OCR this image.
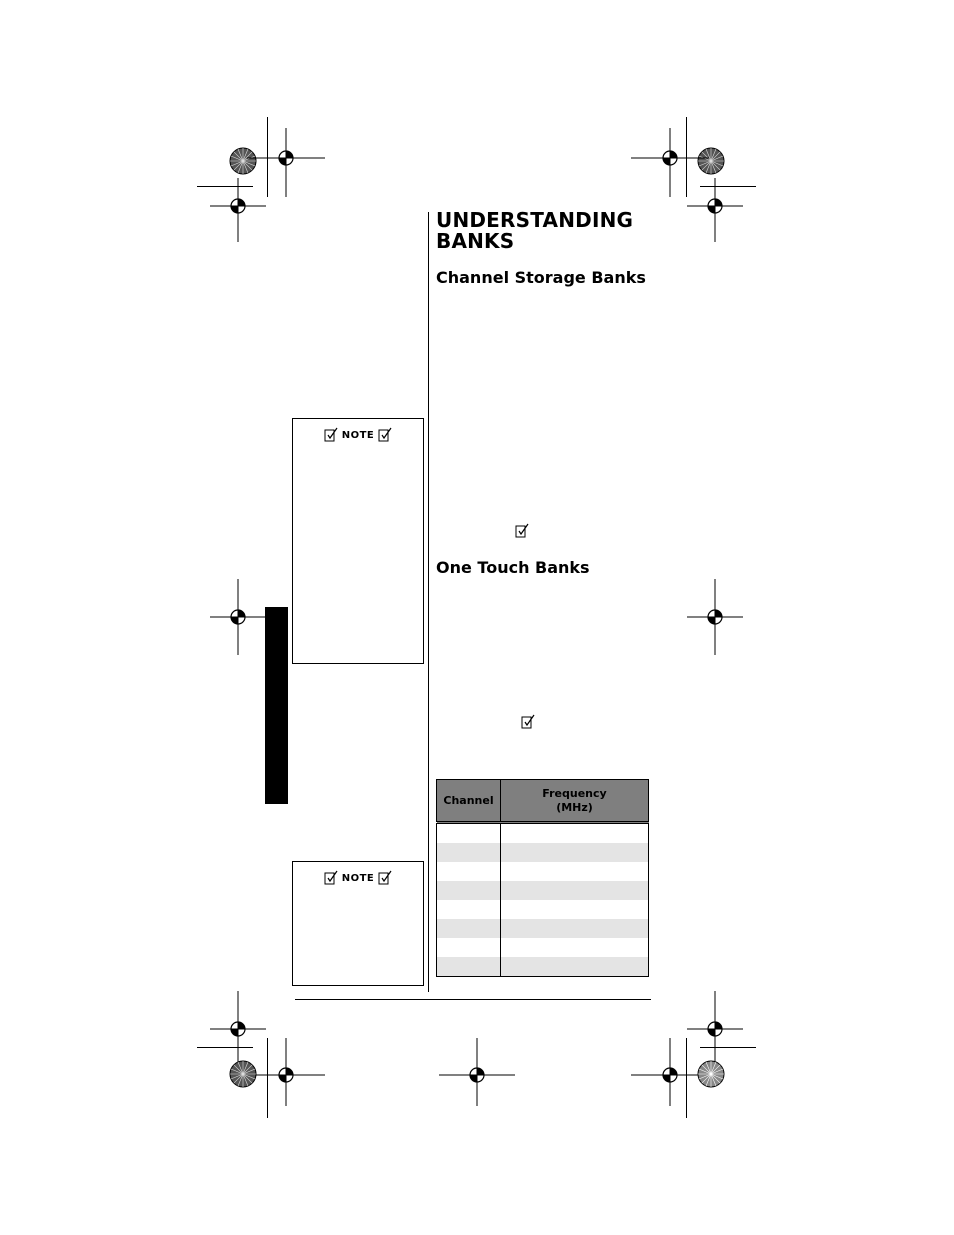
UNDERSTANDING BANKS
Channel Storage Banks
One Touch Banks
NOTE
NOTE
Channel	Frequency
(MHz)
